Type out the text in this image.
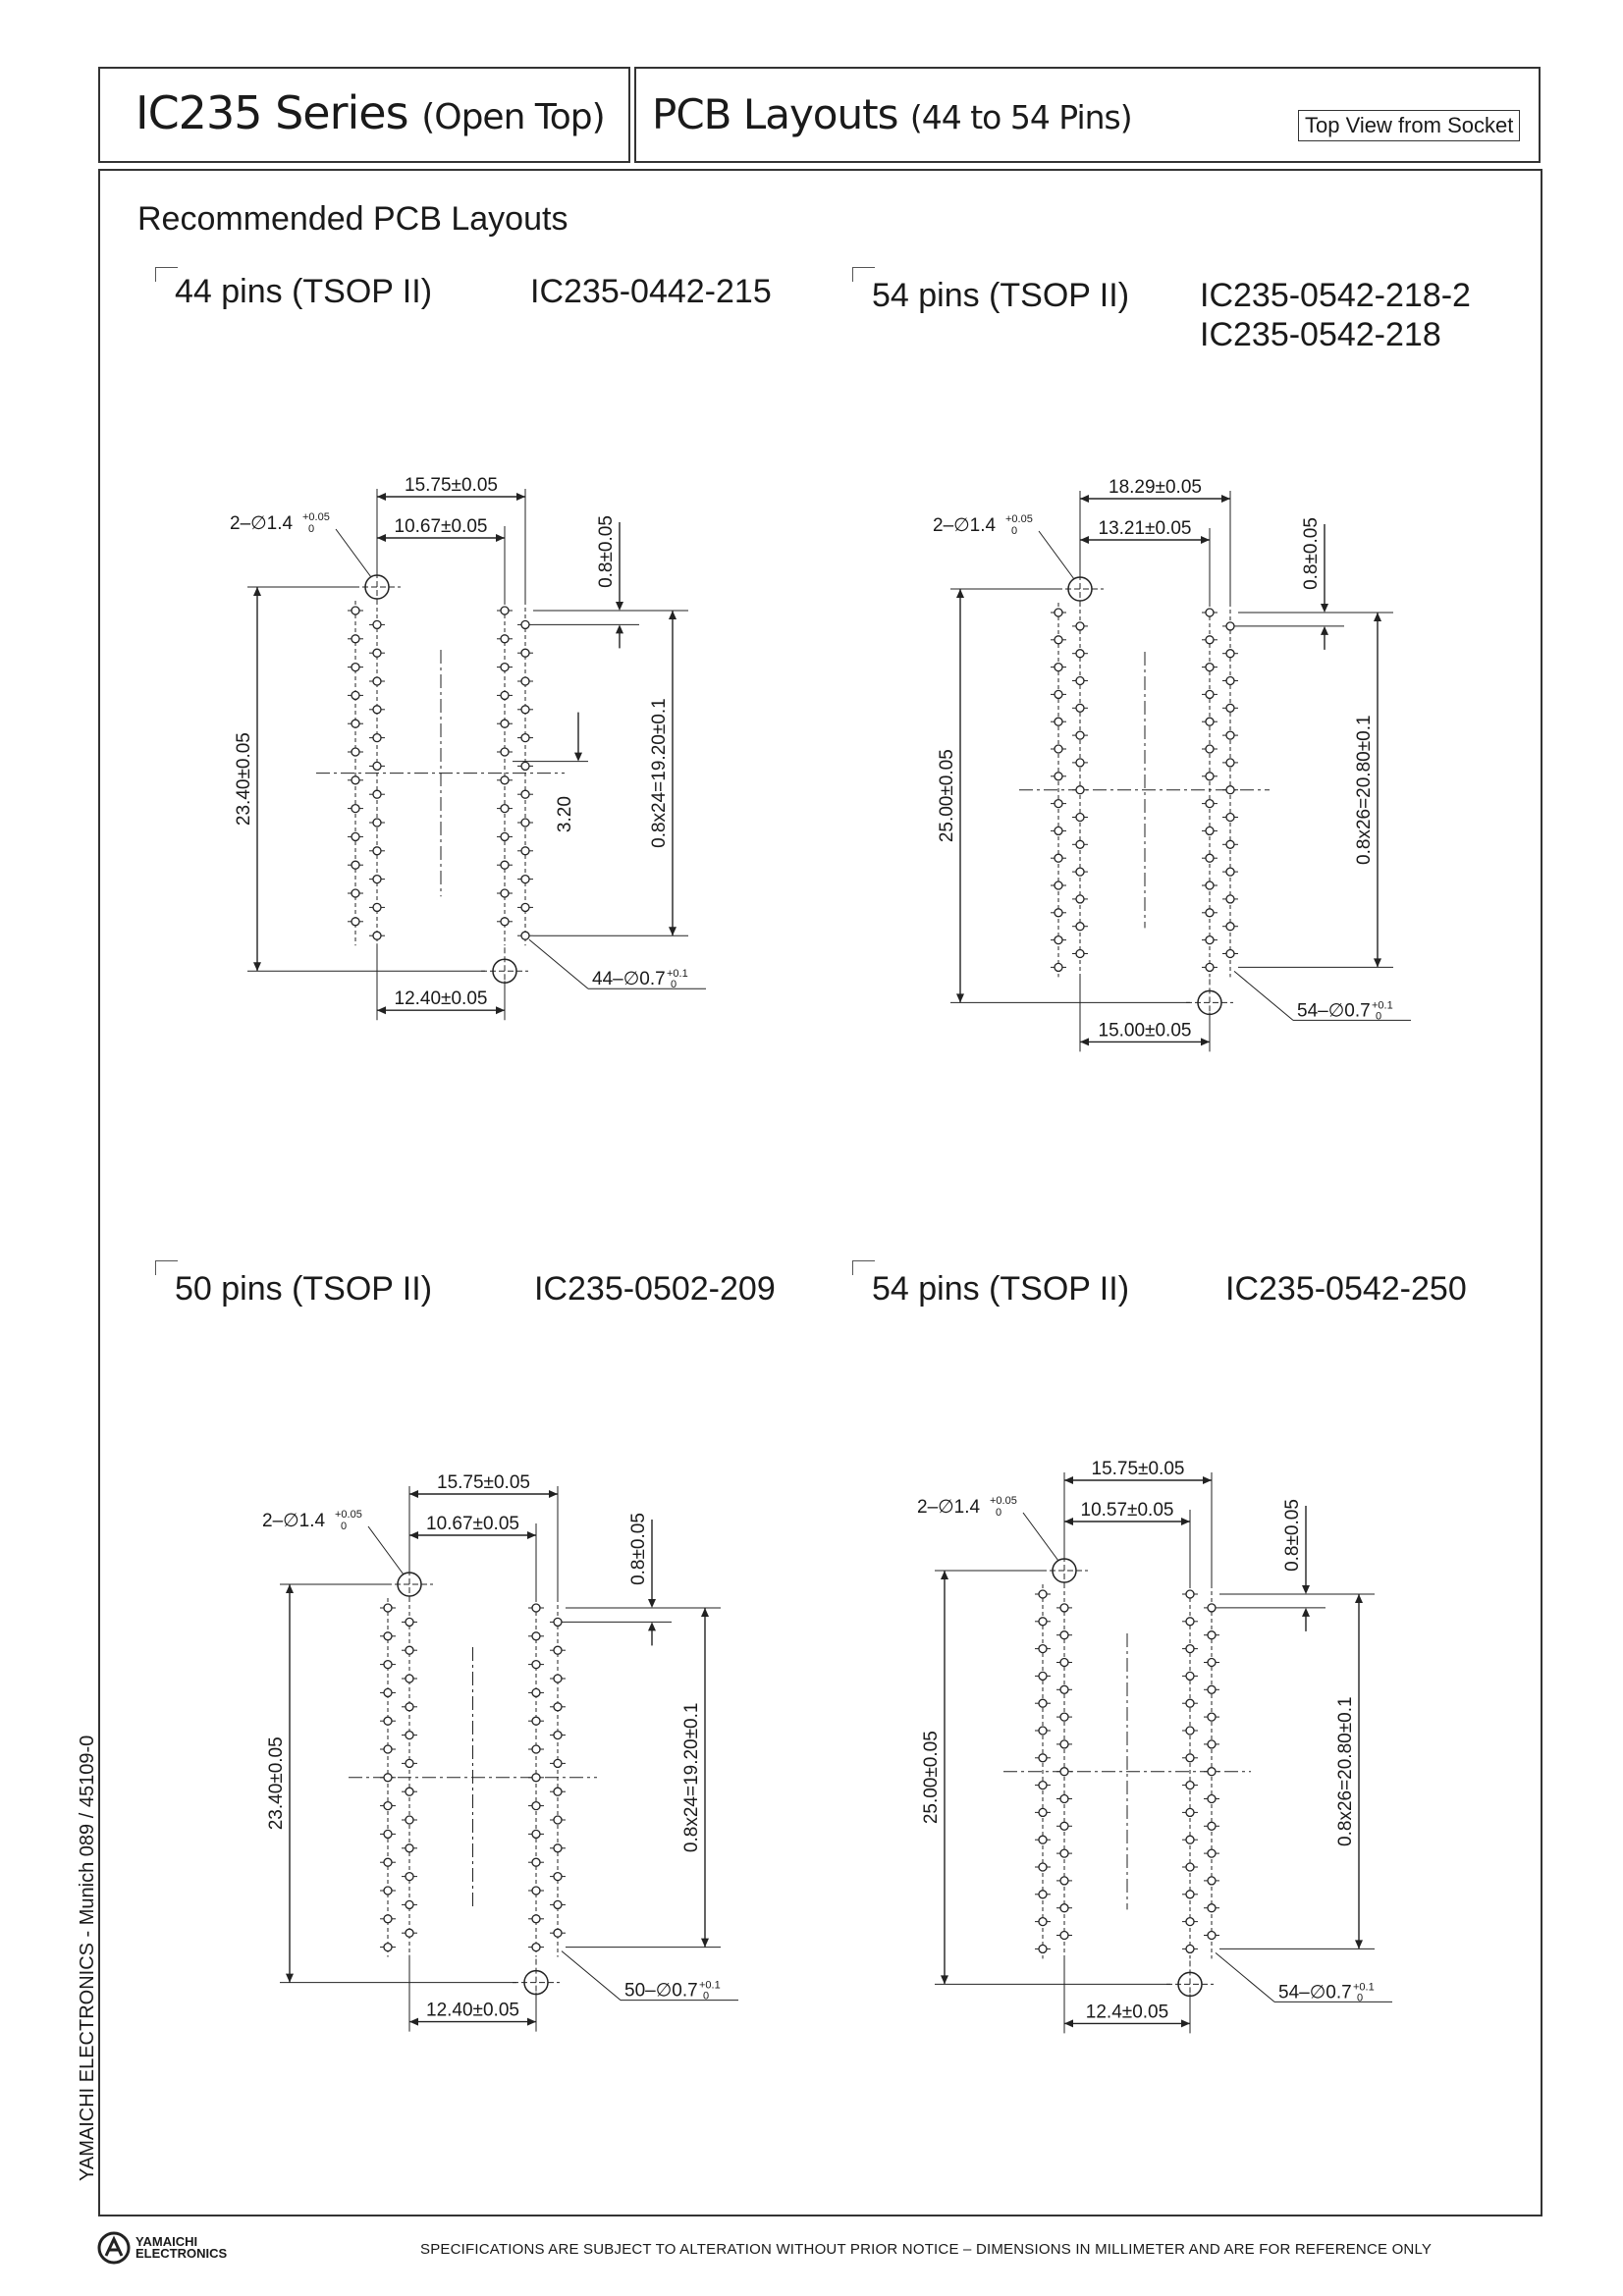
IC235 Series (Open Top) PCB Layouts (44 to 54 Pins)	Top View from Socket
Recommended PCB Layouts
44 pins (TSOP II)	IC235-0442-215	54 pins (TSOP II) IC235-0542-218-2
IC235-0542-218
50 pins (TSOP II)	IC235-0502-209	54 pins (TSOP II)	IC235-0542-250
15.75±0.05
10.67±0.05
2–∅1.4 +0.05
0
23.40±0.05	0.8x24=19.20±0.1
0.8±0.05
3.20
12.40±0.05
44–∅0.7 +0.1
0
18.29±0.05
13.21±0.05
2–∅1.4 +0.05
0
25.00±0.05	0.8x26=20.80±0.1
0.8±0.05
15.00±0.05
54–∅0.7 +0.1
0
15.75±0.05
10.67±0.05
2–∅1.4 +0.05
0
23.40±0.05	0.8x24=19.20±0.1
0.8±0.05
12.40±0.05
50–∅0.7 +0.1
0
15.75±0.05
10.57±0.05
2–∅1.4 +0.05
0
25.00±0.05	0.8x26=20.80±0.1
0.8±0.05
12.4±0.05
54–∅0.7 +0.1
0
YAMAICHI ELECTRONICS - Munich 089 / 45109-0
YAMAICHI ELECTRONICS	SPECIFICATIONS ARE SUBJECT TO ALTERATION WITHOUT PRIOR NOTICE – DIMENSIONS IN MILLIMETER AND ARE FOR REFERENCE ONLY
